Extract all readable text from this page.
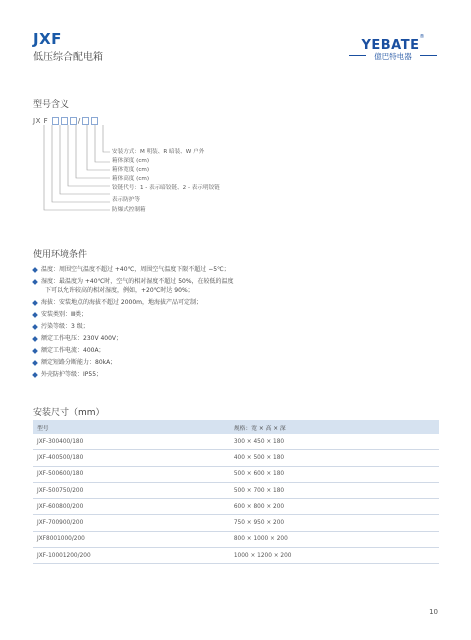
JXF
低压综合配电箱
YEBATE®
億巴特电器
型号含义
JX F	/
安装方式：M 明装、R 暗装、W 户外
箱体深度 (cm)
箱体宽度 (cm)
箱体高度 (cm)
铰链代号：1 - 表示暗铰链、2 - 表示明铰链
表示防护等
防爆式控制箱
使用环境条件
温度：周围空气温度不超过 +40℃，周围空气温度下限不超过 −5℃；
湿度：最温度为 +40℃时，空气的相对湿度不超过 50%，在较低的温度
下可以允许较高的相对湿度，例如，+20℃时达 90%；
海拔：安装地点的海拔不超过 2000m，地海拔产品可定制；
安装类别：Ⅲ类；
污染等级：3 级；
额定工作电压：230V 400V；
额定工作电流：400A；
额定短路分断能力：80kA；
外壳防护等级：IP55；
安装尺寸（mm）
型号	规格：宽 × 高 × 深
JXF-300400/180	300 × 450 × 180
JXF-400500/180	400 × 500 × 180
JXF-500600/180	500 × 600 × 180
JXF-500750/200	500 × 700 × 180
JXF-600800/200	600 × 800 × 200
JXF-700900/200	750 × 950 × 200
JXF8001000/200	800 × 1000 × 200
JXF-10001200/200	1000 × 1200 × 200
10
